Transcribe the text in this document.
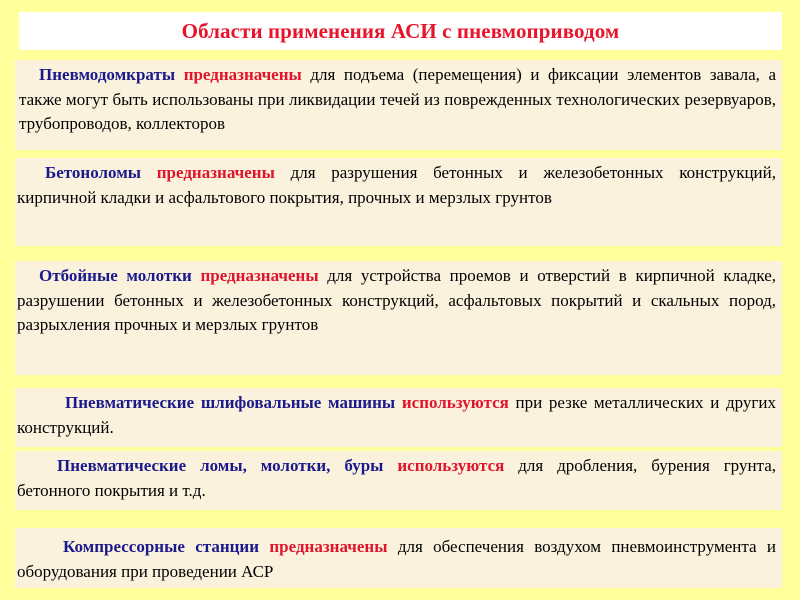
Области применения АСИ с пневмоприводом

Пневмодомкраты предназначены для подъема (перемещения) и фиксации элементов завала, а также могут быть использованы при ликвидации течей из поврежденных технологических резервуаров, трубопроводов, коллекторов

Бетоноломы предназначены для разрушения бетонных и железобетонных конструкций, кирпичной кладки и асфальтового покрытия, прочных и мерзлых грунтов

Отбойные молотки предназначены для устройства проемов и отверстий в кирпичной кладке, разрушении бетонных и железобетонных конструкций, асфальтовых покрытий и скальных пород, разрыхления прочных и мерзлых грунтов

Пневматические шлифовальные машины используются при резке металлических и других конструкций.

Пневматические ломы, молотки, буры используются для дробления, бурения грунта, бетонного покрытия и т.д.

Компрессорные станции предназначены для обеспечения воздухом пневмоинструмента и оборудования при проведении АСР
